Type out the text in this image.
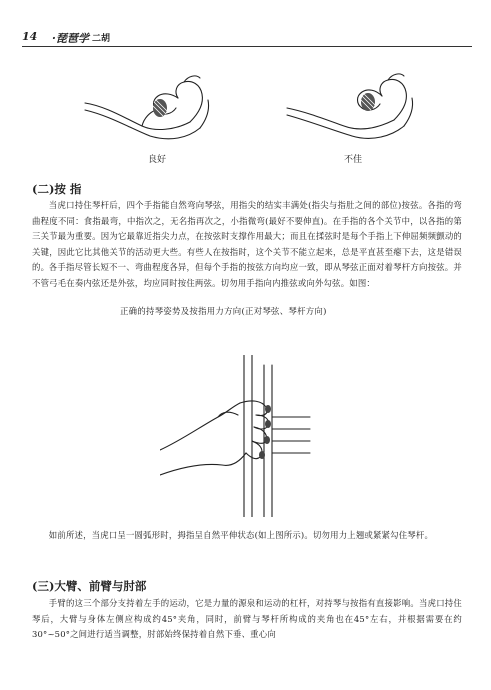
14 ·琵琶学 二胡
良好	不佳
(二)按 指

当虎口持住琴杆后，四个手指能自然弯向琴弦，用指尖的结实丰满处(指尖与指肚之间的部位)按弦。各指的弯曲程度不同：食指最弯，中指次之，无名指再次之，小指微弯(最好不要伸直)。在手指的各个关节中，以各指的第三关节最为重要。因为它最靠近指尖力点，在按弦时支撑作用最大；而且在揉弦时是每个手指上下伸屈频频颤动的关键，因此它比其他关节的活动更大些。有些人在按指时，这个关节不能立起来，总是平直甚至瘪下去，这是错误的。 各手指尽管长短不一、弯曲程度各异，但每个手指的按弦方向均应一致，即从琴弦正面对着琴杆方向按弦。并不管弓毛在奏内弦还是外弦，均应同时按住两弦。切勿用手指向内推弦或向外勾弦。如图：

正确的持琴姿势及按指用力方向(正对琴弦、琴杆方向)

如前所述，当虎口呈一圆弧形时，拇指呈自然平伸状态(如上图所示)。切勿用力上翘或紧紧勾住琴杆。

(三)大臂、前臂与肘部

手臂的这三个部分支持着左手的运动，它是力量的源泉和运动的杠杆，对持琴与按指有直接影响。当虎口持住琴后，大臂与身体左侧应构成约45°夹角，同时，前臂与琴杆所构成的夹角也在45°左右，并根据需要在约30°~50°之间进行适当调整，肘部始终保持着自然下垂、重心向
